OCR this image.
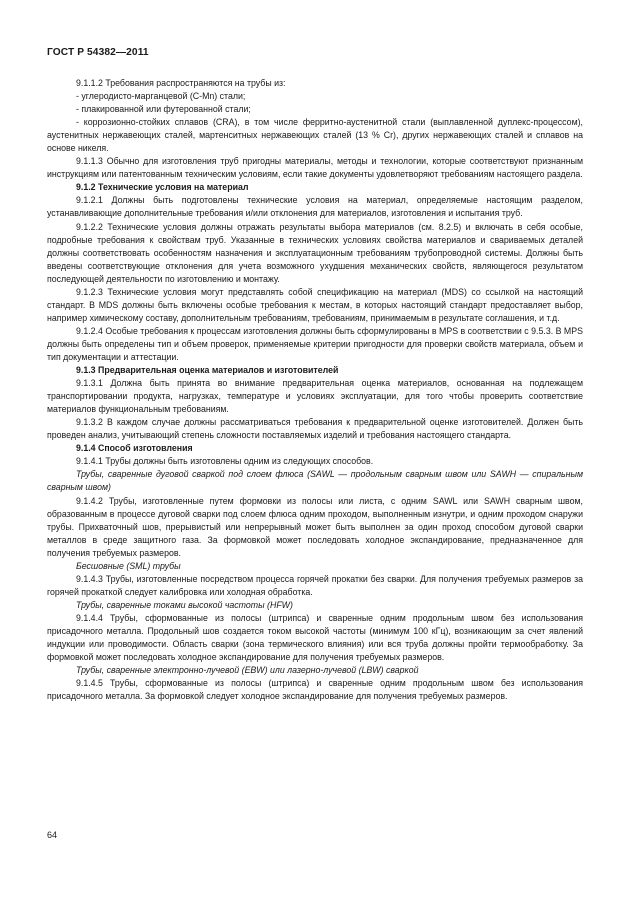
ГОСТ Р 54382—2011

9.1.1.2 Требования распространяются на трубы из:

- углеродисто-марганцевой (C-Mn) стали;

- плакированной или футерованной стали;

- коррозионно-стойких сплавов (CRA), в том числе ферритно-аустенитной стали (выплавленной дуплекс-процессом), аустенитных нержавеющих сталей, мартенситных нержавеющих сталей (13 % Cr), других нержавеющих сталей и сплавов на основе никеля.

9.1.1.3 Обычно для изготовления труб пригодны материалы, методы и технологии, которые соответствуют признанным инструкциям или патентованным техническим условиям, если такие документы удовлетворяют требованиям настоящего раздела.

9.1.2 Технические условия на материал

9.1.2.1 Должны быть подготовлены технические условия на материал, определяемые настоящим разделом, устанавливающие дополнительные требования и/или отклонения для материалов, изготовления и испытания труб.

9.1.2.2 Технические условия должны отражать результаты выбора материалов (см. 8.2.5) и включать в себя особые, подробные требования к свойствам труб. Указанные в технических условиях свойства материалов и свариваемых деталей должны соответствовать особенностям назначения и эксплуатационным требованиям трубопроводной системы. Должны быть введены соответствующие отклонения для учета возможного ухудшения механических свойств, являющегося результатом последующей деятельности по изготовлению и монтажу.

9.1.2.3 Технические условия могут представлять собой спецификацию на материал (MDS) со ссылкой на настоящий стандарт. В MDS должны быть включены особые требования к местам, в которых настоящий стандарт предоставляет выбор, например химическому составу, дополнительным требованиям, требованиям, принимаемым в результате соглашения, и т.д.

9.1.2.4 Особые требования к процессам изготовления должны быть сформулированы в MPS в соответствии с 9.5.3. В MPS должны быть определены тип и объем проверок, применяемые критерии пригодности для проверки свойств материала, объем и тип документации и аттестации.

9.1.3 Предварительная оценка материалов и изготовителей

9.1.3.1 Должна быть принята во внимание предварительная оценка материалов, основанная на подлежащем транспортировании продукта, нагрузках, температуре и условиях эксплуатации, для того чтобы проверить соответствие материалов функциональным требованиям.

9.1.3.2 В каждом случае должны рассматриваться требования к предварительной оценке изготовителей. Должен быть проведен анализ, учитывающий степень сложности поставляемых изделий и требования настоящего стандарта.

9.1.4 Способ изготовления

9.1.4.1 Трубы должны быть изготовлены одним из следующих способов.

Трубы, сваренные дуговой сваркой под слоем флюса (SAWL — продольным сварным швом или SAWH — спиральным сварным швом)

9.1.4.2 Трубы, изготовленные путем формовки из полосы или листа, с одним SAWL или SAWH сварным швом, образованным в процессе дуговой сварки под слоем флюса одним проходом, выполненным изнутри, и одним проходом снаружи трубы. Прихваточный шов, прерывистый или непрерывный может быть выполнен за один проход способом дуговой сварки металлов в среде защитного газа. За формовкой может последовать холодное экспандирование, предназначенное для получения требуемых размеров.

Бесшовные (SML) трубы

9.1.4.3 Трубы, изготовленные посредством процесса горячей прокатки без сварки. Для получения требуемых размеров за горячей прокаткой следует калибровка или холодная обработка.

Трубы, сваренные токами высокой частоты (HFW)

9.1.4.4 Трубы, сформованные из полосы (штрипса) и сваренные одним продольным швом без использования присадочного металла. Продольный шов создается током высокой частоты (минимум 100 кГц), возникающим за счет явлений индукции или проводимости. Область сварки (зона термического влияния) или вся труба должны пройти термообработку. За формовкой может последовать холодное экспандирование для получения требуемых размеров.

Трубы, сваренные электронно-лучевой (EBW) или лазерно-лучевой (LBW) сваркой

9.1.4.5 Трубы, сформованные из полосы (штрипса) и сваренные одним продольным швом без использования присадочного металла. За формовкой следует холодное экспандирование для получения требуемых размеров.

64
